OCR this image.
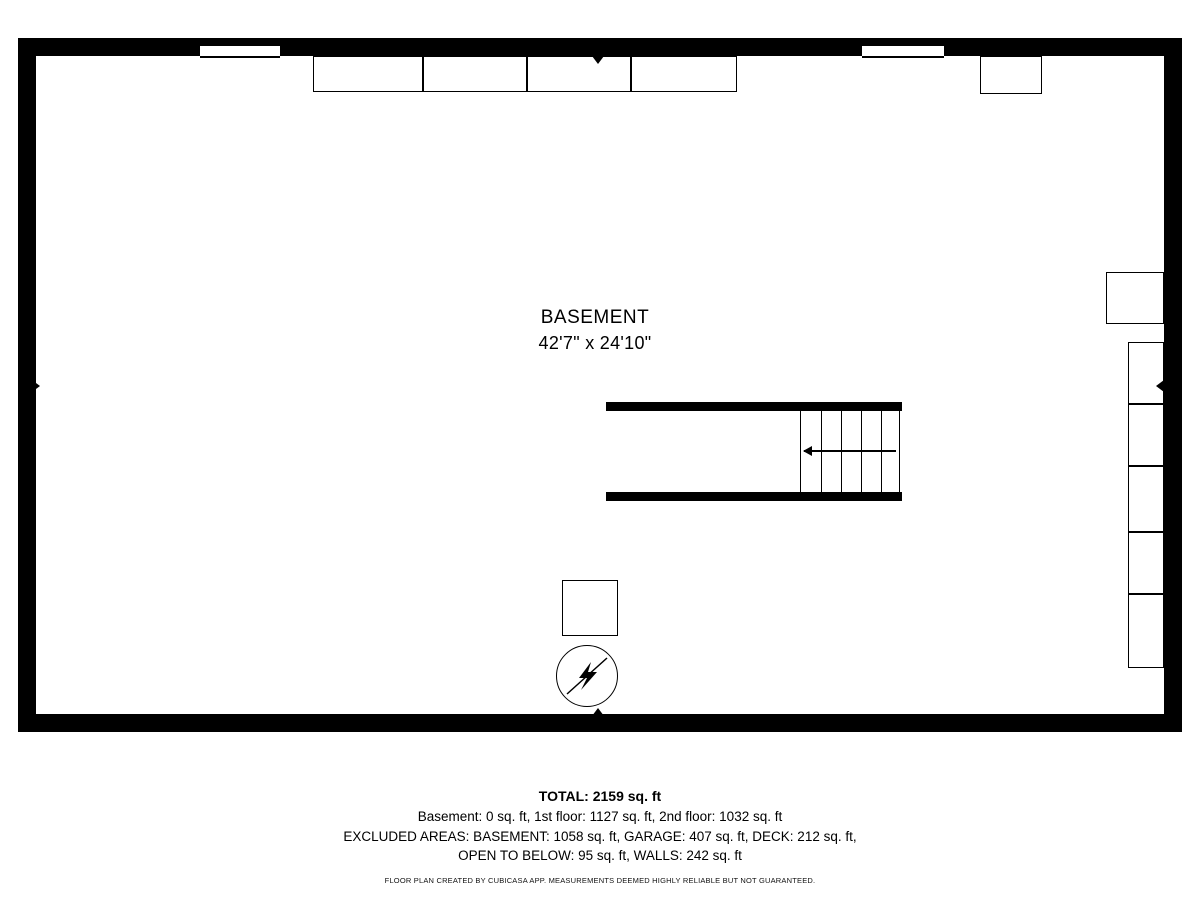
BASEMENT
42'7" x 24'10"
TOTAL: 2159 sq. ft
Basement: 0 sq. ft, 1st floor: 1127 sq. ft, 2nd floor: 1032 sq. ft
EXCLUDED AREAS: BASEMENT: 1058 sq. ft, GARAGE: 407 sq. ft, DECK: 212 sq. ft,
OPEN TO BELOW: 95 sq. ft, WALLS: 242 sq. ft
FLOOR PLAN CREATED BY CUBICASA APP. MEASUREMENTS DEEMED HIGHLY RELIABLE BUT NOT GUARANTEED.
